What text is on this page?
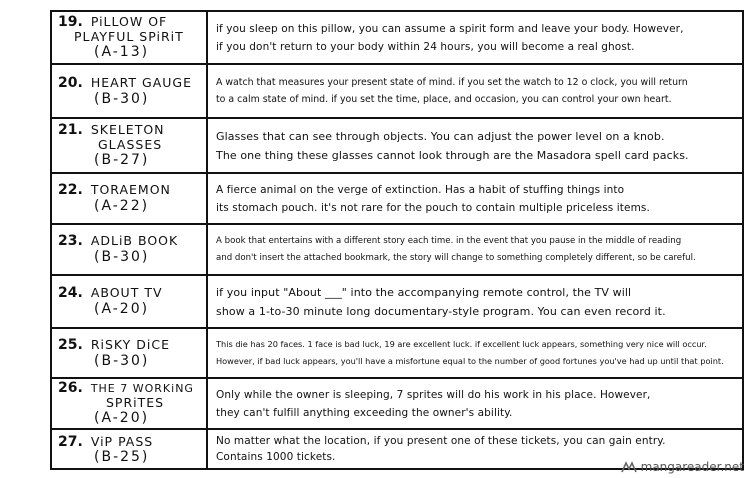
19. PiLLOW OF
PLAYFUL SPiRiT
(A-13)
if you sleep on this pillow, you can assume a spirit form and leave your body. However,
if you don't return to your body within 24 hours, you will become a real ghost.
20. HEART GAUGE
(B-30)
A watch that measures your present state of mind. if you set the watch to 12 o clock, you will return
to a calm state of mind. if you set the time, place, and occasion, you can control your own heart.
21. SKELETON
GLASSES
(B-27)
Glasses that can see through objects. You can adjust the power level on a knob.
The one thing these glasses cannot look through are the Masadora spell card packs.
22. TORAEMON
(A-22)
A fierce animal on the verge of extinction. Has a habit of stuffing things into
its stomach pouch. it's not rare for the pouch to contain multiple priceless items.
23. ADLiB BOOK
(B-30)
A book that entertains with a different story each time. in the event that you pause in the middle of reading
and don't insert the attached bookmark, the story will change to something completely different, so be careful.
24. ABOUT TV
(A-20)
if you input "About ___" into the accompanying remote control, the TV will
show a 1-to-30 minute long documentary-style program. You can even record it.
25. RiSKY DiCE
(B-30)
This die has 20 faces. 1 face is bad luck, 19 are excellent luck. if excellent luck appears, something very nice will occur.
However, if bad luck appears, you'll have a misfortune equal to the number of good fortunes you've had up until that point.
26. THE 7 WORKiNG
SPRiTES
(A-20)
Only while the owner is sleeping, 7 sprites will do his work in his place. However,
they can't fulfill anything exceeding the owner's ability.
27. ViP PASS
(B-25)
No matter what the location, if you present one of these tickets, you can gain entry.
Contains 1000 tickets.
mangareader.net
